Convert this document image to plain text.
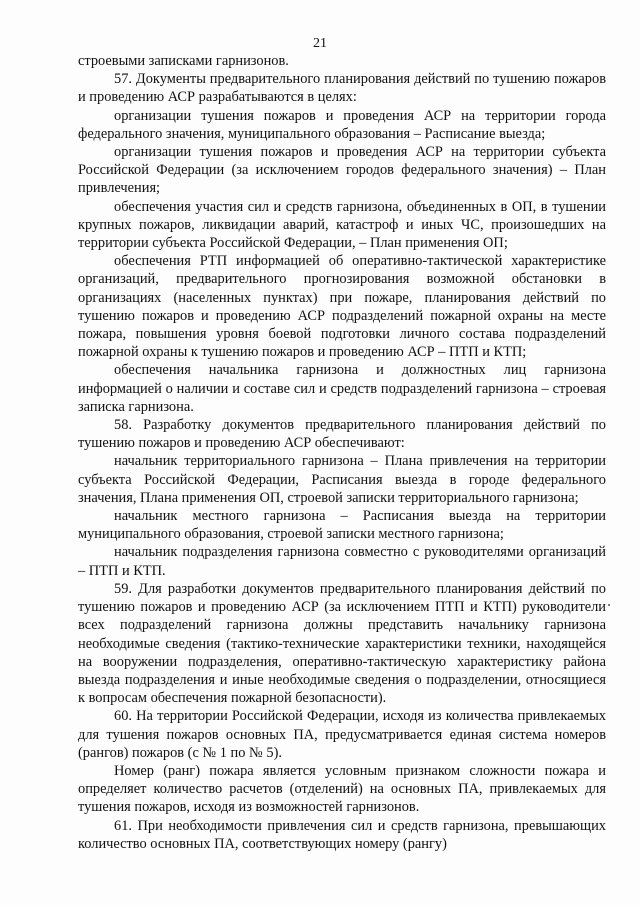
21

строевыми записками гарнизонов.

57. Документы предварительного планирования действий по тушению пожаров и проведению АСР разрабатываются в целях:

организации тушения пожаров и проведения АСР на территории города федерального значения, муниципального образования – Расписание выезда;

организации тушения пожаров и проведения АСР на территории субъекта Российской Федерации (за исключением городов федерального значения) – План привлечения;

обеспечения участия сил и средств гарнизона, объединенных в ОП, в тушении крупных пожаров, ликвидации аварий, катастроф и иных ЧС, произошедших на территории субъекта Российской Федерации, – План применения ОП;

обеспечения РТП информацией об оперативно-тактической характеристике организаций, предварительного прогнозирования возможной обстановки в организациях (населенных пунктах) при пожаре, планирования действий по тушению пожаров и проведению АСР подразделений пожарной охраны на месте пожара, повышения уровня боевой подготовки личного состава подразделений пожарной охраны к тушению пожаров и проведению АСР – ПТП и КТП;

обеспечения начальника гарнизона и должностных лиц гарнизона информацией о наличии и составе сил и средств подразделений гарнизона – строевая записка гарнизона.

58. Разработку документов предварительного планирования действий по тушению пожаров и проведению АСР обеспечивают:

начальник территориального гарнизона – Плана привлечения на территории субъекта Российской Федерации, Расписания выезда в городе федерального значения, Плана применения ОП, строевой записки территориального гарнизона;

начальник местного гарнизона – Расписания выезда на территории муниципального образования, строевой записки местного гарнизона;

начальник подразделения гарнизона совместно с руководителями организаций – ПТП и КТП.

59. Для разработки документов предварительного планирования действий по тушению пожаров и проведению АСР (за исключением ПТП и КТП) руководители всех подразделений гарнизона должны представить начальнику гарнизона необходимые сведения (тактико-технические характеристики техники, находящейся на вооружении подразделения, оперативно-тактическую характеристику района выезда подразделения и иные необходимые сведения о подразделении, относящиеся к вопросам обеспечения пожарной безопасности).

60. На территории Российской Федерации, исходя из количества привлекаемых для тушения пожаров основных ПА, предусматривается единая система номеров (рангов) пожаров (с № 1 по № 5).

Номер (ранг) пожара является условным признаком сложности пожара и определяет количество расчетов (отделений) на основных ПА, привлекаемых для тушения пожаров, исходя из возможностей гарнизонов.

61. При необходимости привлечения сил и средств гарнизона, превышающих количество основных ПА, соответствующих номеру (рангу)
